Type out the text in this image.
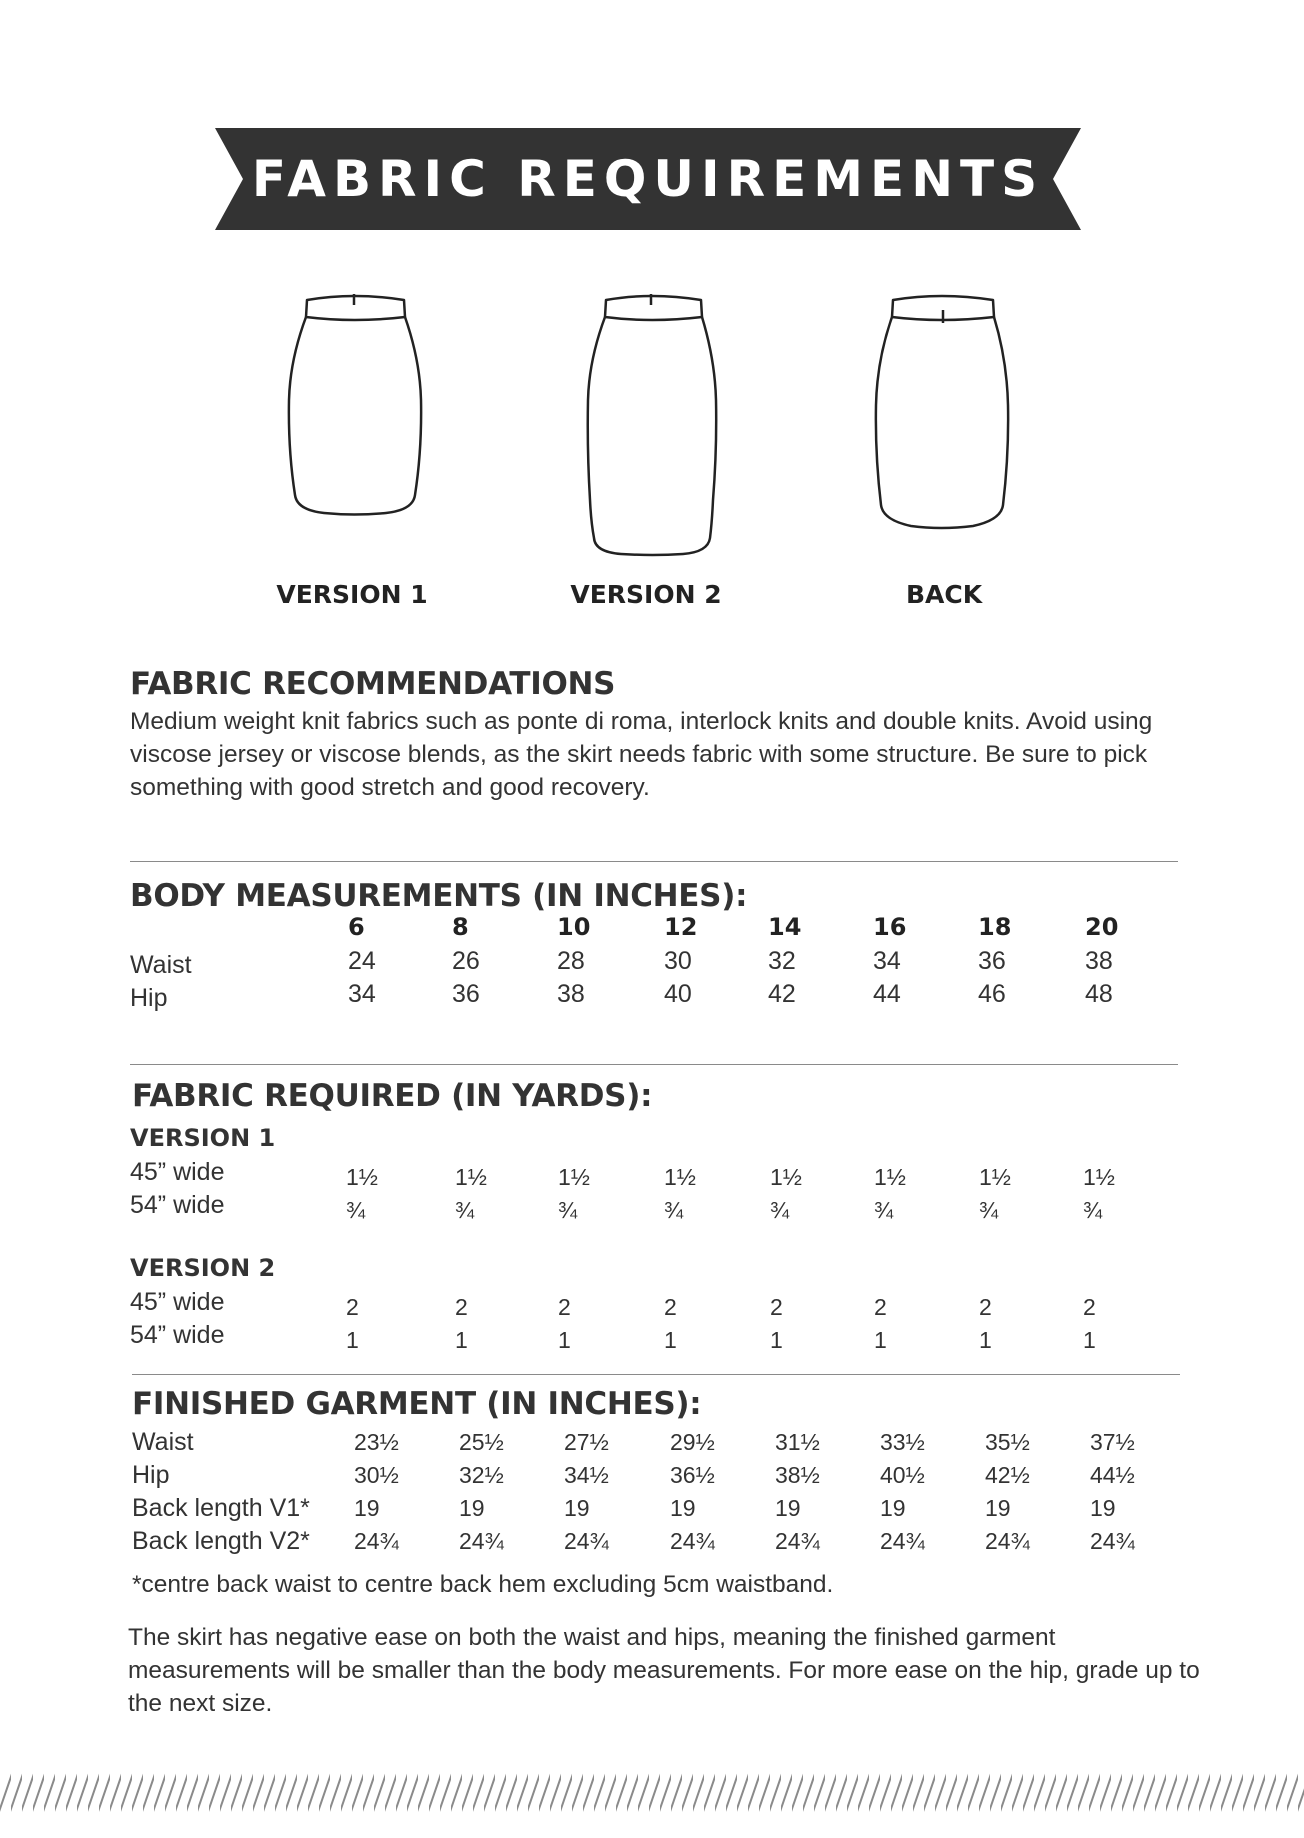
FABRIC REQUIREMENTS
VERSION 1	VERSION 2	BACK
FABRIC RECOMMENDATIONS
Medium weight knit fabrics such as ponte di roma, interlock knits and double knits. Avoid using viscose jersey or viscose blends, as the skirt needs fabric with some structure. Be sure to pick something with good stretch and good recovery.
BODY MEASUREMENTS (IN INCHES):
6	8	10	12	14	16	18	20
Waist	24	26	28	30	32	34	36	38
Hip	34	36	38	40	42	44	46	48
FABRIC REQUIRED (IN YARDS):
VERSION 1
45” wide	1½	1½	1½	1½	1½	1½	1½	1½
54” wide	¾	¾	¾	¾	¾	¾	¾	¾
VERSION 2
45” wide	2	2	2	2	2	2	2	2
54” wide	1	1	1	1	1	1	1	1
FINISHED GARMENT (IN INCHES):
Waist	23½	25½	27½	29½	31½	33½	35½	37½
Hip	30½	32½	34½	36½	38½	40½	42½	44½
Back length V1* 19	19	19	19	19	19	19	19
Back length V2* 24¾	24¾	24¾	24¾	24¾	24¾	24¾	24¾
*centre back waist to centre back hem excluding 5cm waistband.
The skirt has negative ease on both the waist and hips, meaning the finished garment measurements will be smaller than the body measurements. For more ease on the hip, grade up to the next size.
